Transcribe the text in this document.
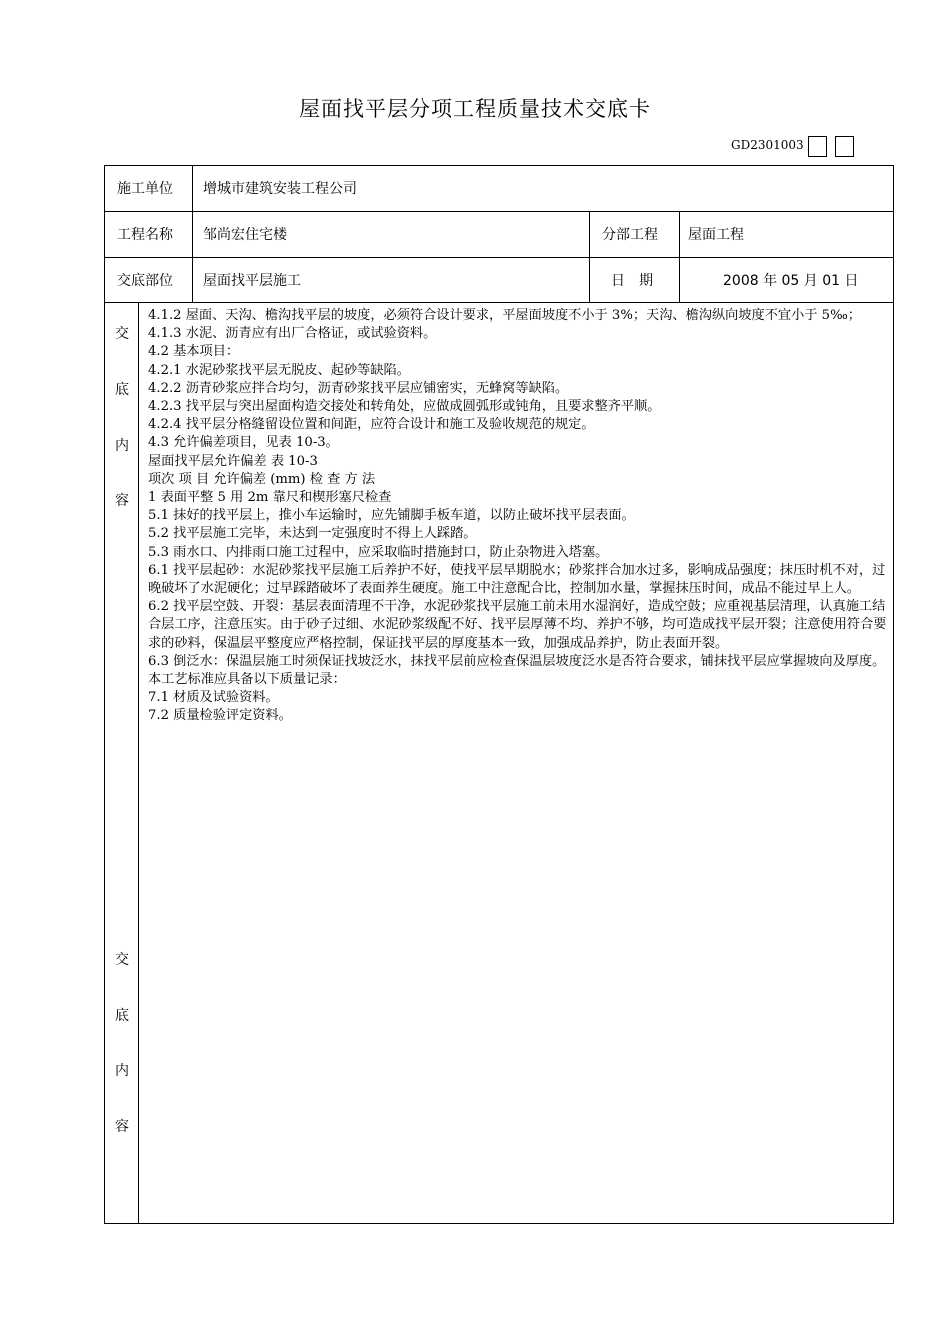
屋面找平层分项工程质量技术交底卡
GD2301003
施工单位 增城市建筑安装工程公司
工程名称 邹尚宏住宅楼	分部工程 屋面工程
交底部位 屋面找平层施工	日　期	2008 年 05 月 01 日
交
底
内
容
交
底
内
容
4.1.2 屋面、天沟、檐沟找平层的坡度，必须符合设计要求，平屋面坡度不小于 3%；天沟、檐沟纵向坡度不宜小于 5‰；
4.1.3 水泥、沥青应有出厂合格证，或试验资料。
4.2 基本项目：
4.2.1 水泥砂浆找平层无脱皮、起砂等缺陷。
4.2.2 沥青砂浆应拌合均匀，沥青砂浆找平层应铺密实，无蜂窝等缺陷。
4.2.3 找平层与突出屋面构造交接处和转角处，应做成圆弧形或钝角，且要求整齐平顺。
4.2.4 找平层分格缝留设位置和间距，应符合设计和施工及验收规范的规定。
4.3 允许偏差项目，见表 10-3。
屋面找平层允许偏差 表 10-3
项次 项 目 允许偏差 (mm) 检 查 方 法
1 表面平整 5 用 2m 靠尺和楔形塞尺检查
5.1 抹好的找平层上，推小车运输时，应先铺脚手板车道，以防止破坏找平层表面。
5.2 找平层施工完毕，未达到一定强度时不得上人踩踏。
5.3 雨水口、内排雨口施工过程中，应采取临时措施封口，防止杂物进入塔塞。
6.1 找平层起砂：水泥砂浆找平层施工后养护不好，使找平层早期脱水；砂浆拌合加水过多，影响成品强度；抹压时机不对，过晚破坏了水泥硬化；过早踩踏破坏了表面养生硬度。施工中注意配合比，控制加水量，掌握抹压时间，成品不能过早上人。
6.2 找平层空鼓、开裂：基层表面清理不干净，水泥砂浆找平层施工前未用水湿润好，造成空鼓；应重视基层清理，认真施工结合层工序，注意压实。由于砂子过细、水泥砂浆级配不好、找平层厚薄不均、养护不够，均可造成找平层开裂；注意使用符合要求的砂料，保温层平整度应严格控制，保证找平层的厚度基本一致，加强成品养护，防止表面开裂。
6.3 倒泛水：保温层施工时须保证找坡泛水，抹找平层前应检查保温层坡度泛水是否符合要求，铺抹找平层应掌握坡向及厚度。
本工艺标准应具备以下质量记录：
7.1 材质及试验资料。
7.2 质量检验评定资料。
